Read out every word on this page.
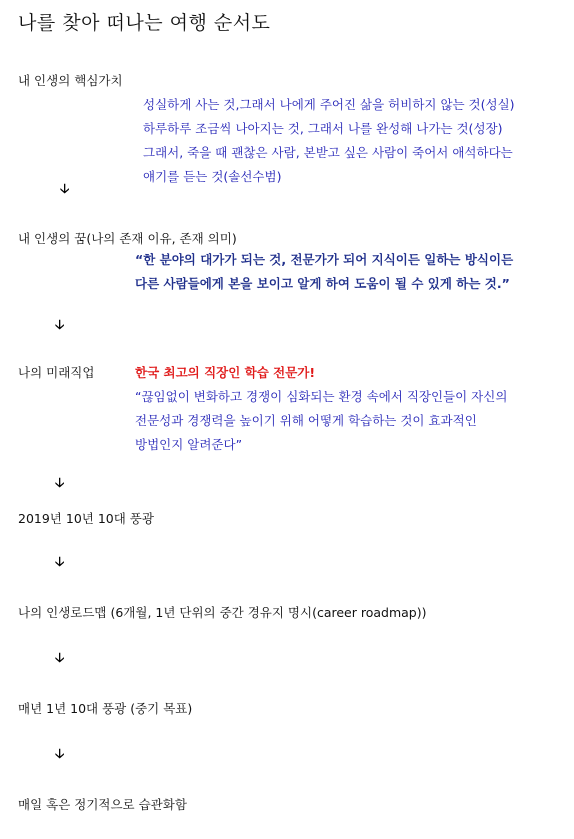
나를 찾아 떠나는 여행 순서도
내 인생의 핵심가치
성실하게 사는 것,그래서 나에게 주어진 삶을 허비하지 않는 것(성실)
하루하루 조금씩 나아지는 것, 그래서 나를 완성해 나가는 것(성장)
그래서, 죽을 때 괜찮은 사람, 본받고 싶은 사람이 죽어서 애석하다는
얘기를 듣는 것(솔선수범)
🡣
내 인생의 꿈(나의 존재 이유, 존재 의미)
“한 분야의 대가가 되는 것, 전문가가 되어 지식이든 일하는 방식이든
다른 사람들에게 본을 보이고 알게 하여 도움이 될 수 있게 하는 것.”
🡣
나의 미래직업	한국 최고의 직장인 학습 전문가!
“끊임없이 변화하고 경쟁이 심화되는 환경 속에서 직장인들이 자신의
전문성과 경쟁력을 높이기 위해 어떻게 학습하는 것이 효과적인
방법인지 알려준다”
🡣
2019년 10년 10대 풍광
🡣
나의 인생로드맵 (6개월, 1년 단위의 중간 경유지 명시(career roadmap))
🡣
매년 1년 10대 풍광 (중기 목표)
🡣
매일 혹은 정기적으로 습관화함
